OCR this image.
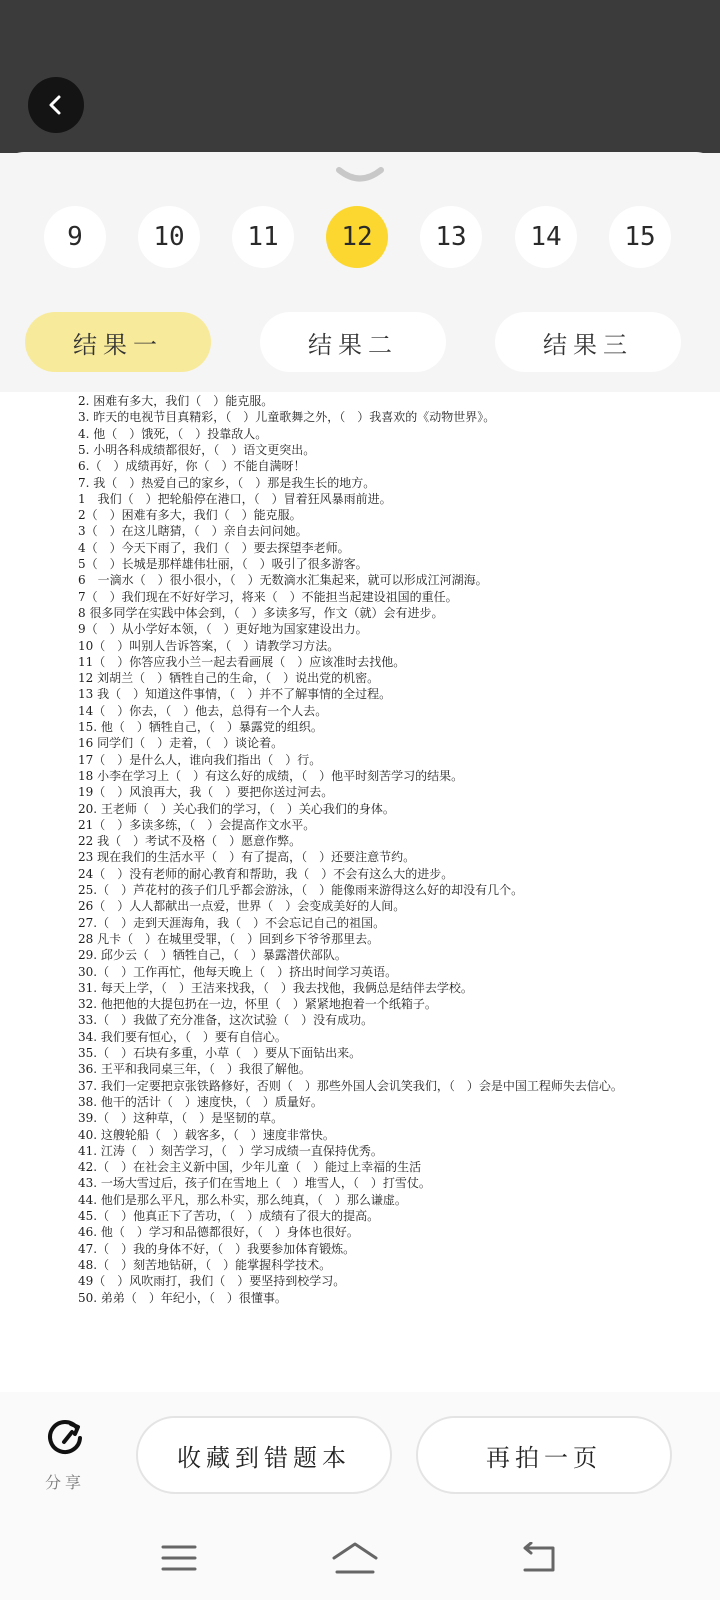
9	10 11 12 13 14 15
结果一	结果二	结果三
2. 困难有多大，我们（　）能克服。
3. 昨天的电视节目真精彩，（　）儿童歌舞之外，（　）我喜欢的《动物世界》。
4. 他（　）饿死，（　）投靠敌人。
5. 小明各科成绩都很好，（　）语文更突出。
6.（　）成绩再好，你（　）不能自满呀！
7. 我（　）热爱自己的家乡，（　）那是我生长的地方。
1　我们（　）把轮船停在港口，（　）冒着狂风暴雨前进。
2（　）困难有多大，我们（　）能克服。
3（　）在这儿瞎猜，（　）亲自去问问她。
4（　）今天下雨了，我们（　）要去探望李老师。
5（　）长城是那样雄伟壮丽，（　）吸引了很多游客。
6　一滴水（　）很小很小，（　）无数滴水汇集起来，就可以形成江河湖海。
7（　）我们现在不好好学习，将来（　）不能担当起建设祖国的重任。
8 很多同学在实践中体会到，（　）多读多写，作文（就）会有进步。
9（　）从小学好本领，（　）更好地为国家建设出力。
10（　）叫别人告诉答案，（　）请教学习方法。
11（　）你答应我小兰一起去看画展（　）应该准时去找他。
12 刘胡兰（　）牺牲自己的生命，（　）说出党的机密。
13 我（　）知道这件事情，（　）并不了解事情的全过程。
14（　）你去，（　）他去，总得有一个人去。
15. 他（　）牺牲自己，（　）暴露党的组织。
16 同学们（　）走着，（　）谈论着。
17（　）是什么人，谁向我们指出（　）行。
18 小李在学习上（　）有这么好的成绩，（　）他平时刻苦学习的结果。
19（　）风浪再大，我（　）要把你送过河去。
20. 王老师（　）关心我们的学习，（　）关心我们的身体。
21（　）多读多练，（　）会提高作文水平。
22 我（　）考试不及格（　）愿意作弊。
23 现在我们的生活水平（　）有了提高，（　）还要注意节约。
24（　）没有老师的耐心教育和帮助，我（　）不会有这么大的进步。
25.（　）芦花村的孩子们几乎都会游泳，（　）能像雨来游得这么好的却没有几个。
26（　）人人都献出一点爱，世界（　）会变成美好的人间。
27.（　）走到天涯海角，我（　）不会忘记自己的祖国。
28 凡卡（　）在城里受罪，（　）回到乡下爷爷那里去。
29. 邱少云（　）牺牲自己，（　）暴露潜伏部队。
30.（　）工作再忙，他每天晚上（　）挤出时间学习英语。
31. 每天上学，（　）王洁来找我，（　）我去找他，我俩总是结伴去学校。
32. 他把他的大提包扔在一边，怀里（　）紧紧地抱着一个纸箱子。
33.（　）我做了充分准备，这次试验（　）没有成功。
34. 我们要有恒心，（　）要有自信心。
35.（　）石块有多重，小草（　）要从下面钻出来。
36. 王平和我同桌三年，（　）我很了解他。
37. 我们一定要把京张铁路修好，否则（　）那些外国人会讥笑我们，（　）会是中国工程师失去信心。
38. 他干的活计（　）速度快，（　）质量好。
39.（　）这种草，（　）是坚韧的草。
40. 这艘轮船（　）载客多，（　）速度非常快。
41. 江涛（　）刻苦学习，（　）学习成绩一直保持优秀。
42.（　）在社会主义新中国，少年儿童（　）能过上幸福的生活
43. 一场大雪过后，孩子们在雪地上（　）堆雪人，（　）打雪仗。
44. 他们是那么平凡，那么朴实，那么纯真，（　）那么谦虚。
45.（　）他真正下了苦功，（　）成绩有了很大的提高。
46. 他（　）学习和品德都很好，（　）身体也很好。
47.（　）我的身体不好，（　）我要参加体育锻炼。
48.（　）刻苦地钻研，（　）能掌握科学技术。
49（　）风吹雨打，我们（　）要坚持到校学习。
50. 弟弟（　）年纪小，（　）很懂事。
分享
收藏到错题本	再拍一页
